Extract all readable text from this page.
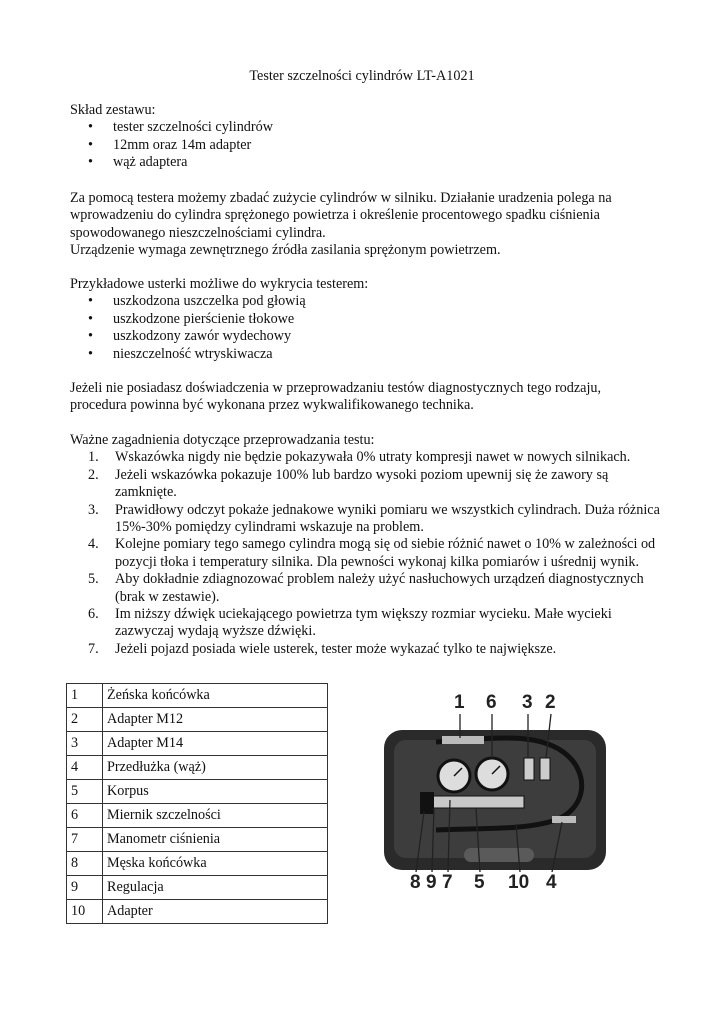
Tester szczelności cylindrów LT-A1021

Skład zestawu:

• tester szczelności cylindrów
• 12mm oraz 14m adapter
• wąż adaptera

Za pomocą testera możemy zbadać zużycie cylindrów w silniku. Działanie uradzenia polega na wprowadzeniu do cylindra sprężonego powietrza i określenie procentowego spadku ciśnienia spowodowanego nieszczelnościami cylindra.

Urządzenie wymaga zewnętrznego źródła zasilania sprężonym powietrzem.

Przykładowe usterki możliwe do wykrycia testerem:

• uszkodzona uszczelka pod głowią
• uszkodzone pierścienie tłokowe
• uszkodzony zawór wydechowy
• nieszczelność wtryskiwacza

Jeżeli nie posiadasz doświadczenia w przeprowadzaniu testów diagnostycznych tego rodzaju, procedura powinna być wykonana przez wykwalifikowanego technika.

Ważne zagadnienia dotyczące przeprowadzania testu:

1. Wskazówka nigdy nie będzie pokazywała 0% utraty kompresji nawet w nowych silnikach.
2. Jeżeli wskazówka pokazuje 100% lub bardzo wysoki poziom upewnij się że zawory są zamknięte.
3. Prawidłowy odczyt pokaże jednakowe wyniki pomiaru we wszystkich cylindrach. Duża różnica 15%-30% pomiędzy cylindrami wskazuje na problem.
4. Kolejne pomiary tego samego cylindra mogą się od siebie różnić nawet o 10% w zależności od pozycji tłoka i temperatury silnika. Dla pewności wykonaj kilka pomiarów i uśrednij wynik.
5. Aby dokładnie zdiagnozować problem należy użyć nasłuchowych urządzeń diagnostycznych (brak w zestawie).
6. Im niższy dźwięk uciekającego powietrza tym większy rozmiar wycieku. Małe wycieki zazwyczaj wydają wyższe dźwięki.
7. Jeżeli pojazd posiada wiele usterek, tester może wykazać tylko te największe.
1	Żeńska końcówka
2	Adapter M12
3	Adapter M14
4	Przedłużka (wąż)
5	Korpus
6	Miernik szczelności
7	Manometr ciśnienia
8	Męska końcówka
9	Regulacja
10	Adapter
1 6 3 2
8 9 7 5 10 4
